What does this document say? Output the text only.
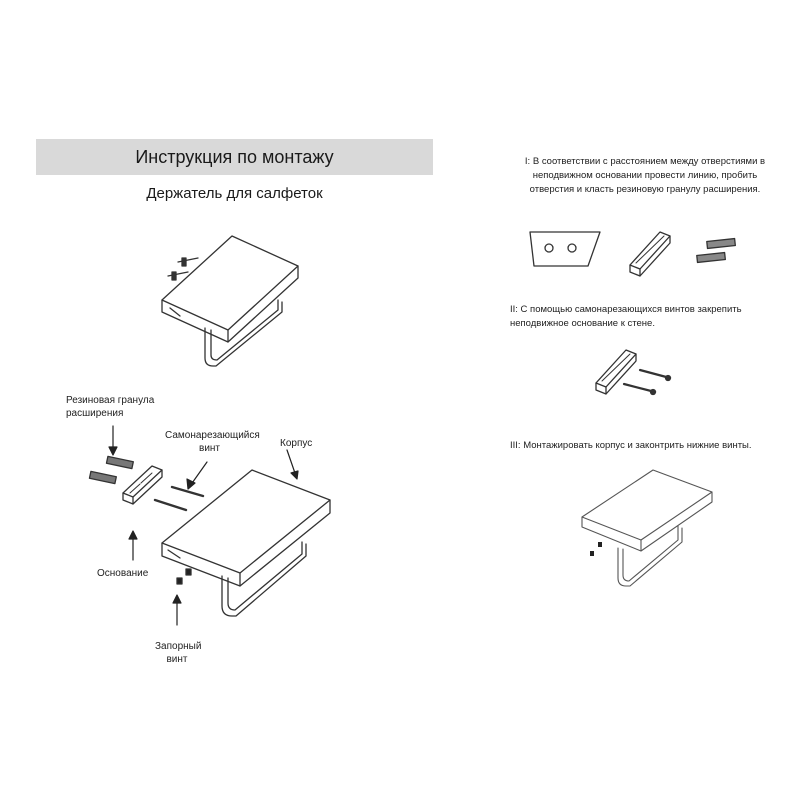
Инструкция по монтажу
Держатель для салфеток
Резиновая гранула
расширения
Самонарезающийся
винт	Корпус
Основание
Запорный
винт
I: В соответствии с расстоянием между отверстиями в
неподвижном основании провести линию, пробить
отверстия и класть резиновую гранулу расширения.
II: С помощью самонарезающихся винтов закрепить
неподвижное основание к стене.
III: Монтажировать корпус и законтрить нижние винты.
